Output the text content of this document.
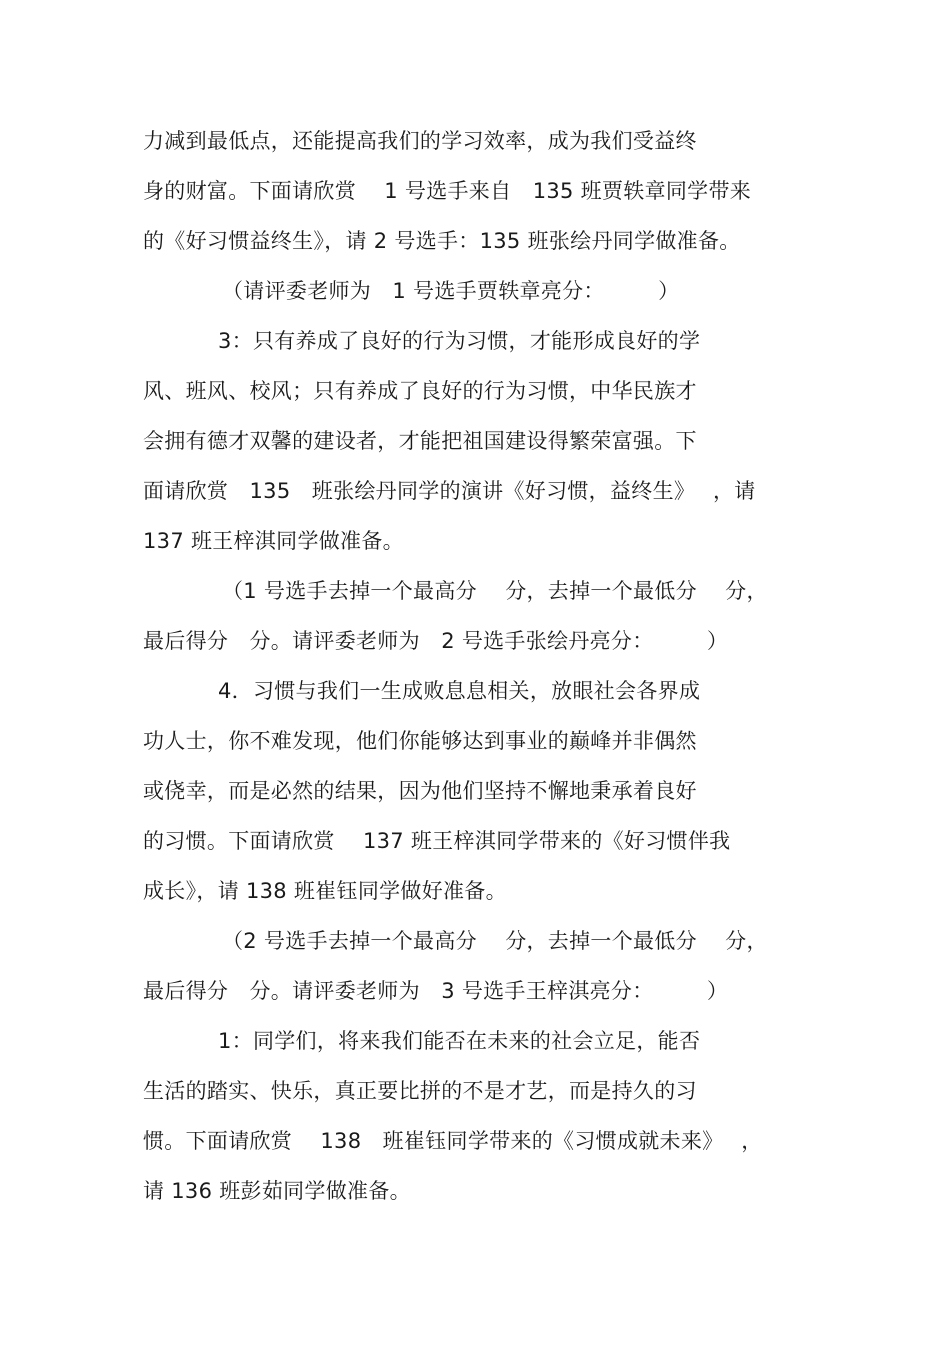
力减到最低点，还能提高我们的学习效率，成为我们受益终
身的财富。下面请欣赏　 1 号选手来自　135 班贾轶章同学带来
的《好习惯益终生》，请 2 号选手：135 班张绘丹同学做准备。
（请评委老师为　1 号选手贾轶章亮分：　　　）
3：只有养成了良好的行为习惯，才能形成良好的学
风、班风、校风；只有养成了良好的行为习惯，中华民族才
会拥有德才双馨的建设者，才能把祖国建设得繁荣富强。下
面请欣赏　135　班张绘丹同学的演讲《好习惯，益终生》　 ，请
137 班王梓淇同学做准备。
（1 号选手去掉一个最高分　 分，去掉一个最低分　 分，
最后得分　分。请评委老师为　2 号选手张绘丹亮分：　　　）
4．习惯与我们一生成败息息相关，放眼社会各界成
功人士，你不难发现，他们你能够达到事业的巅峰并非偶然
或侥幸，而是必然的结果，因为他们坚持不懈地秉承着良好
的习惯。下面请欣赏　 137 班王梓淇同学带来的《好习惯伴我
成长》，请 138 班崔钰同学做好准备。
（2 号选手去掉一个最高分　 分，去掉一个最低分　 分，
最后得分　分。请评委老师为　3 号选手王梓淇亮分：　　　）
1：同学们，将来我们能否在未来的社会立足，能否
生活的踏实、快乐，真正要比拼的不是才艺，而是持久的习
惯。下面请欣赏　 138　班崔钰同学带来的《习惯成就未来》　 ，
请 136 班彭茹同学做准备。
